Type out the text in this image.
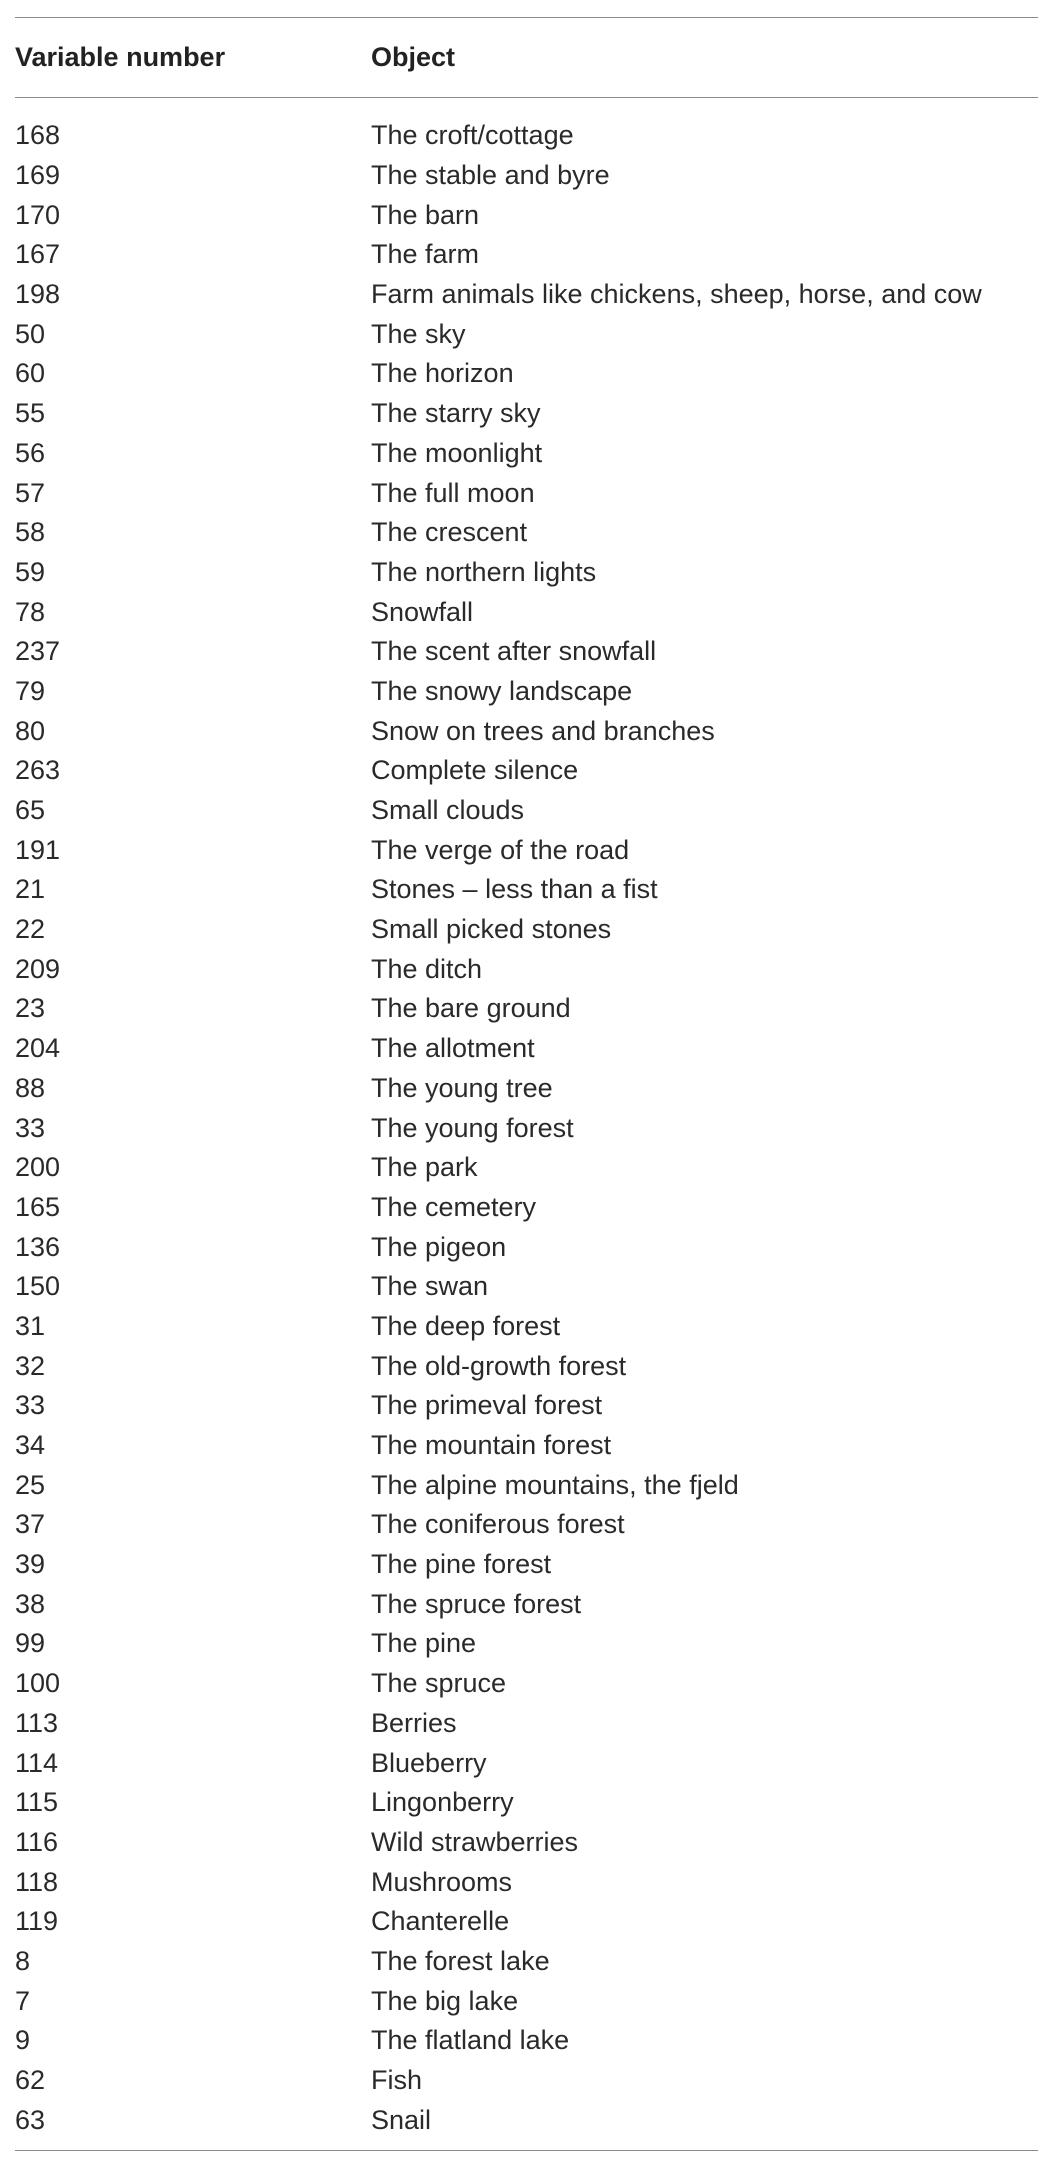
Variable number	Object
168	The croft/cottage
169	The stable and byre
170	The barn
167	The farm
198	Farm animals like chickens, sheep, horse, and cow
50	The sky
60	The horizon
55	The starry sky
56	The moonlight
57	The full moon
58	The crescent
59	The northern lights
78	Snowfall
237	The scent after snowfall
79	The snowy landscape
80	Snow on trees and branches
263	Complete silence
65	Small clouds
191	The verge of the road
21	Stones – less than a fist
22	Small picked stones
209	The ditch
23	The bare ground
204	The allotment
88	The young tree
33	The young forest
200	The park
165	The cemetery
136	The pigeon
150	The swan
31	The deep forest
32	The old-growth forest
33	The primeval forest
34	The mountain forest
25	The alpine mountains, the fjeld
37	The coniferous forest
39	The pine forest
38	The spruce forest
99	The pine
100	The spruce
113	Berries
114	Blueberry
115	Lingonberry
116	Wild strawberries
118	Mushrooms
119	Chanterelle
8	The forest lake
7	The big lake
9	The flatland lake
62	Fish
63	Snail
